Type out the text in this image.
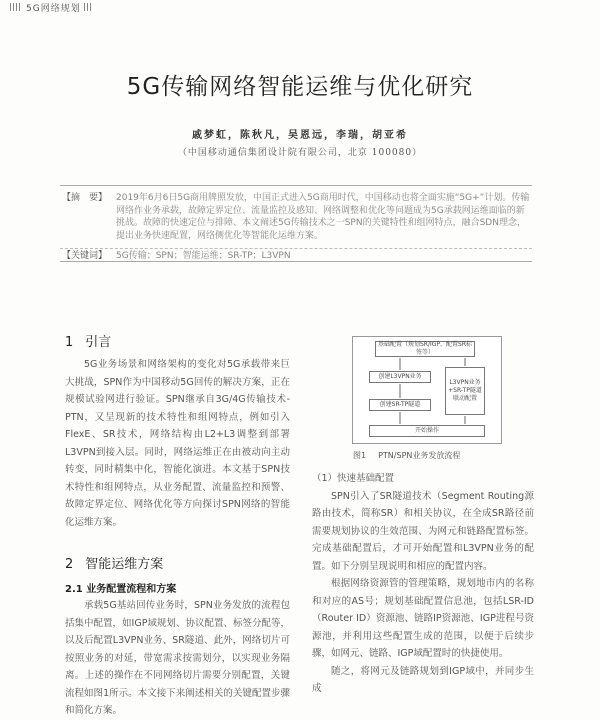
5G网络规划
5G传输网络智能运维与优化研究
戚梦虹，陈秋凡，吴恩远，李瑞，胡亚希
（中国移动通信集团设计院有限公司，北京 100080）
【摘　要】 2019年6月6日5G商用牌照发放，中国正式进入5G商用时代，中国移动也将全面实施“5G+”计划。传输网络作业务承载，故障定界定位、流量监控及感知、网络调整和优化等问题成为5G承载网运维面临的新挑战。故障的快速定位与排障、本文阐述5G传输技术之一SPN的关键特性和组网特点，融合SDN理念，提出业务快速配置，网络侧优化等智能化运维方案。
【关键词】 5G传输；SPN；智能运维；SR-TP；L3VPN
1 引言
5G业务场景和网络架构的变化对5G承载带来巨大挑战，SPN作为中国移动5G回传的解决方案，正在规模试验网进行验证。SPN继承自3G/4G传输技术-PTN，又呈现新的技术特性和组网特点，例如引入FlexE、SR技术，网络结构由L2+L3调整到部署L3VPN到接入层。同时，网络运维正在由被动向主动转变，同时精集中化，智能化演进。本文基于SPN技术特性和组网特点，从业务配置、流量监控和预警、故障定界定位、网络优化等方向探讨SPN网络的智能化运维方案。
2 智能运维方案
2.1 业务配置流程和方案
承载5G基站回传业务时，SPN业务发放的流程包括集中配置，如IGP域规划、协议配置、标签分配等，以及后配置L3VPN业务、SR隧道、此外，网络切片可按照业务的对延，带宽需求按需划分，以实现业务隔离。上述的操作在不同网络切片需要分别配置，关键流程如图1所示。本文接下来阐述相关的关键配置步骤和简化方案。
基础配置（规划SR/IGP、配置SR标签等）
创建L3VPN业务
创建SR-TP隧道
L3VPN业务+SR-TP隧道联动配置
开始操作
图1 PTN/SPN业务发放流程
（1）快速基础配置
SPN引入了SR隧道技术（Segment Routing源路由技术，简称SR）和相关协议，在全成SR路径前需要规划协议的生效范围、为网元和链路配置标签。完成基础配置后，才可开始配置和L3VPN业务的配置。如下分别呈现说明和相应的配置内容。
根据网络资源管的管理策略，规划地市内的名称和对应的AS号；规划基础配置信息池，包括LSR-ID（Router ID）资源池、链路IP资源池、IGP进程号资源池，并利用这些配置生成的范围，以便于后续步骤，如网元、链路、IGP域配置时的快捷使用。
随之，将网元及链路规划到IGP域中，并同步生成
